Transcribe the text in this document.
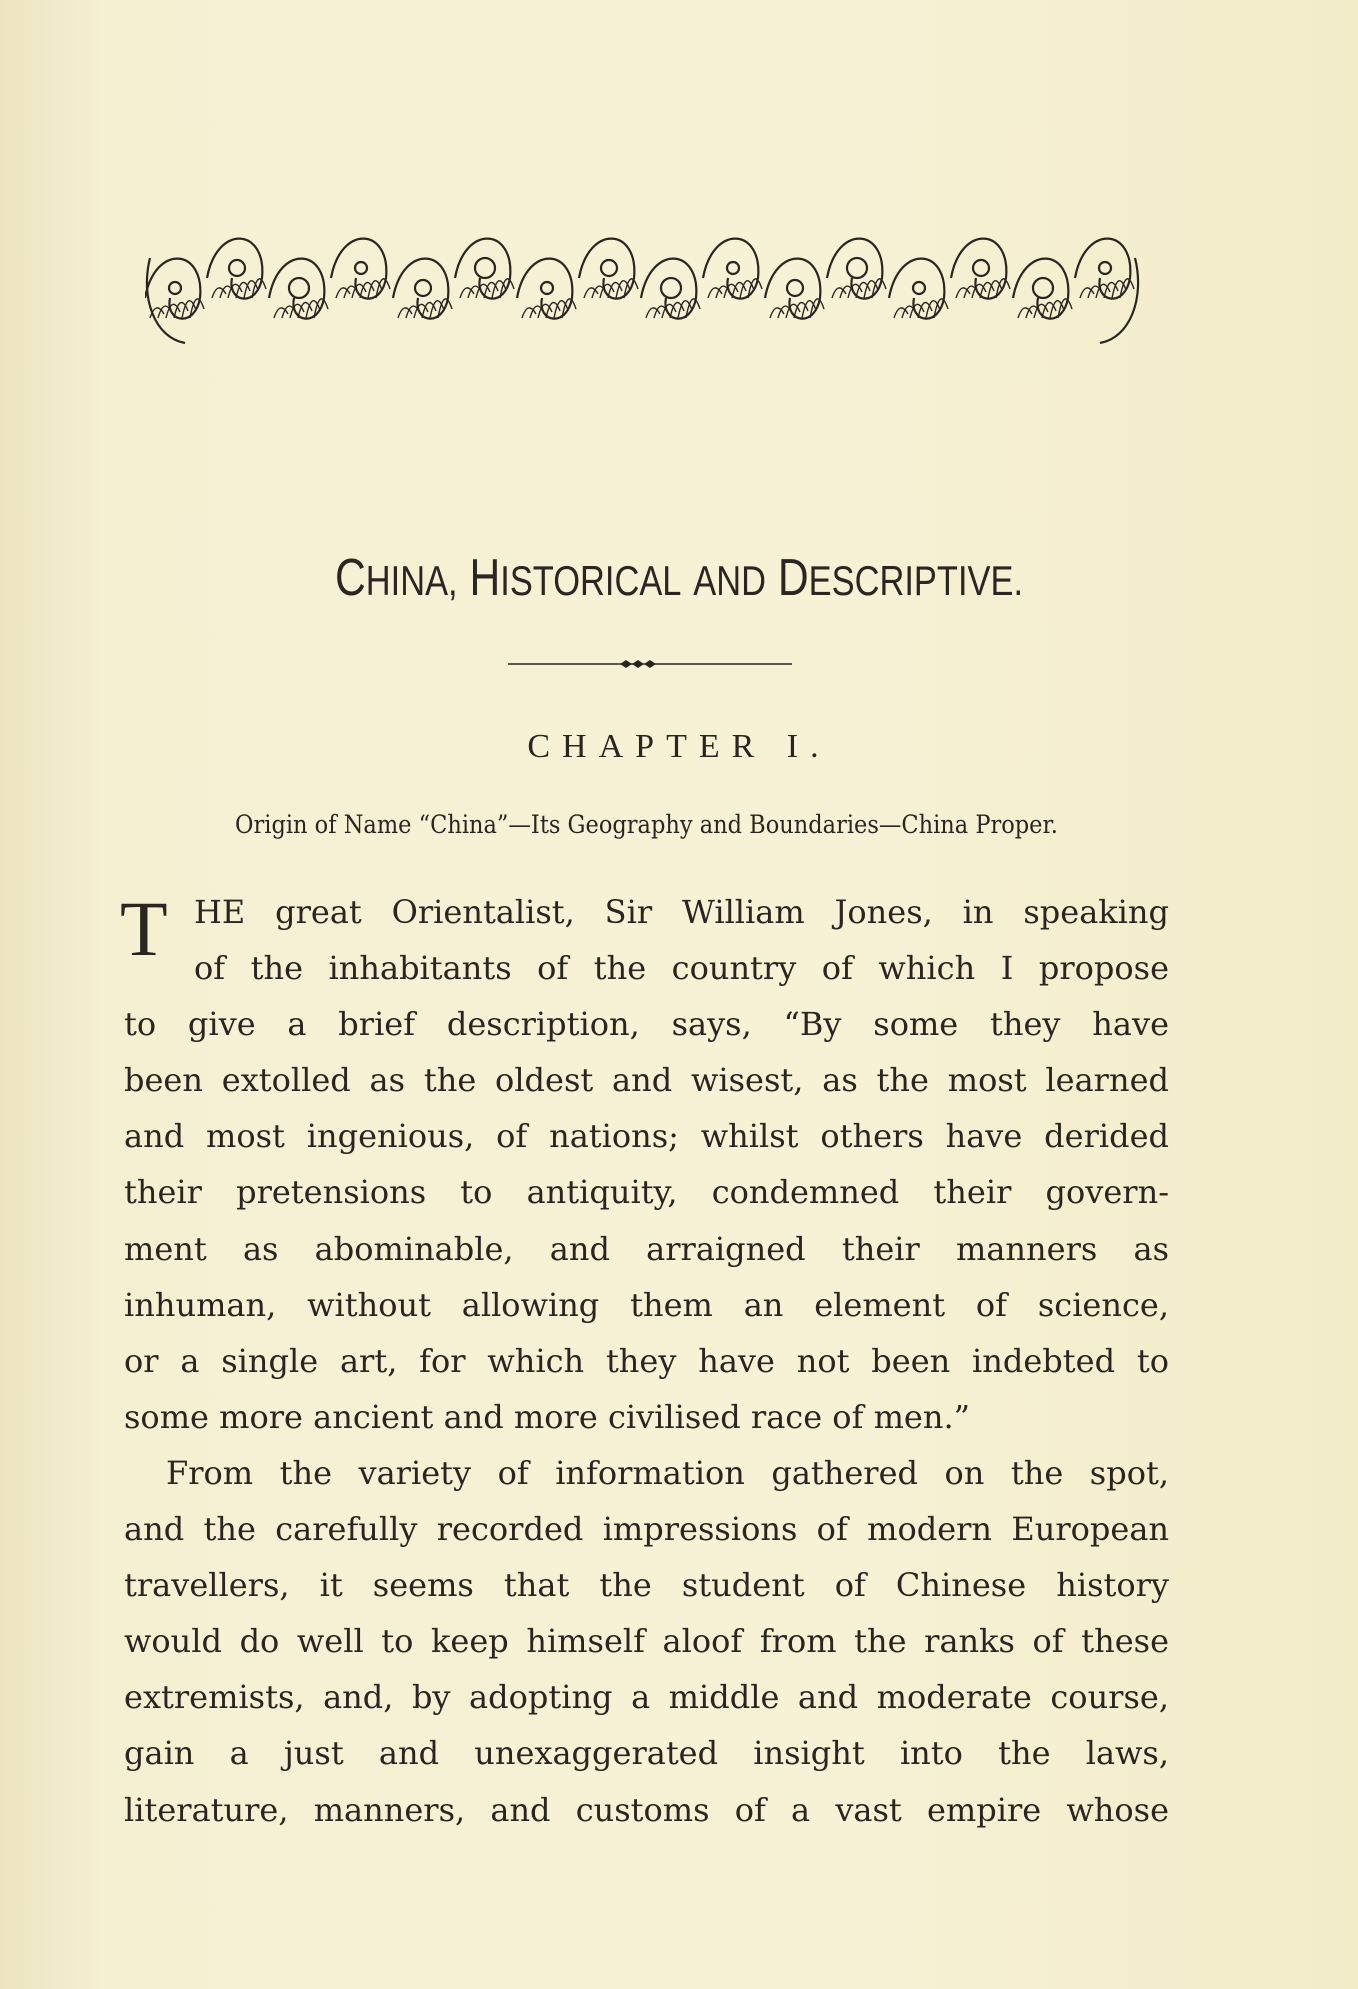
CHINA, HISTORICAL AND DESCRIPTIVE.
CHAPTER I.
Origin of Name “China”—Its Geography and Boundaries—China Proper.
T HE great Orientalist, Sir William Jones, in speaking
of the inhabitants of the country of which I propose
to give a brief description, says, “By some they have
been extolled as the oldest and wisest, as the most learned
and most ingenious, of nations; whilst others have derided
their pretensions to antiquity, condemned their govern-
ment as abominable, and arraigned their manners as
inhuman, without allowing them an element of science,
or a single art, for which they have not been indebted to
some more ancient and more civilised race of men.”
From the variety of information gathered on the spot,
and the carefully recorded impressions of modern European
travellers, it seems that the student of Chinese history
would do well to keep himself aloof from the ranks of these
extremists, and, by adopting a middle and moderate course,
gain a just and unexaggerated insight into the laws,
literature, manners, and customs of a vast empire whose
